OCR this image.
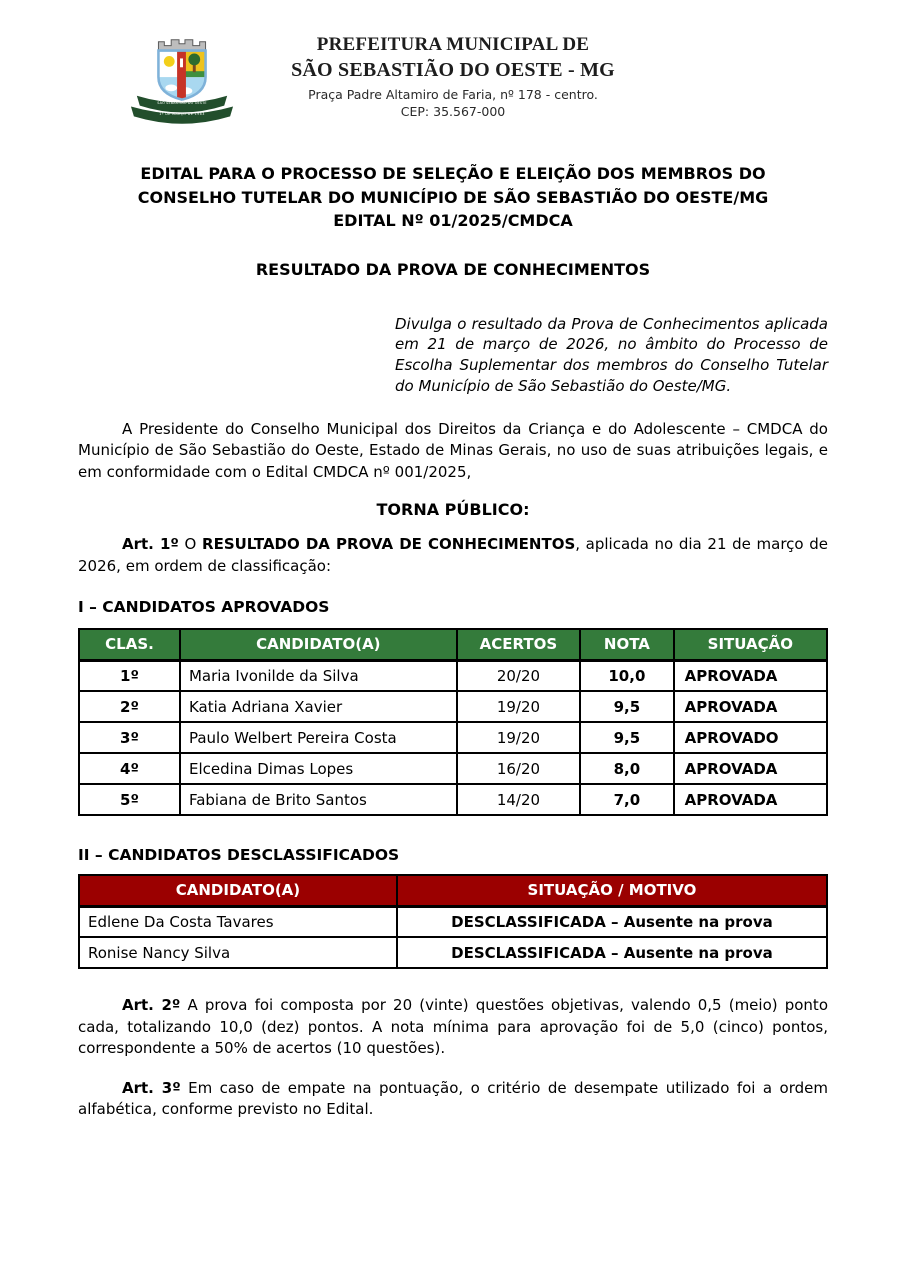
SÃO SEBASTIÃO DO OESTE
1º DE MARÇO DE 1963
PREFEITURA MUNICIPAL DE
SÃO SEBASTIÃO DO OESTE - MG
Praça Padre Altamiro de Faria, nº 178 - centro.
CEP: 35.567-000
EDITAL PARA O PROCESSO DE SELEÇÃO E ELEIÇÃO DOS MEMBROS DO
CONSELHO TUTELAR DO MUNICÍPIO DE SÃO SEBASTIÃO DO OESTE/MG
EDITAL Nº 01/2025/CMDCA
RESULTADO DA PROVA DE CONHECIMENTOS
Divulga o resultado da Prova de Conhecimentos aplicada em 21 de março de 2026, no âmbito do Processo de Escolha Suplementar dos membros do Conselho Tutelar do Município de São Sebastião do Oeste/MG.

A Presidente do Conselho Municipal dos Direitos da Criança e do Adolescente – CMDCA do Município de São Sebastião do Oeste, Estado de Minas Gerais, no uso de suas atribuições legais, e em conformidade com o Edital CMDCA nº 001/2025,

TORNA PÚBLICO:

Art. 1º O RESULTADO DA PROVA DE CONHECIMENTOS, aplicada no dia 21 de março de 2026, em ordem de classificação:

I – CANDIDATOS APROVADOS
CLAS.	CANDIDATO(A)	ACERTOS	NOTA	SITUAÇÃO
1º	Maria Ivonilde da Silva	20/20	10,0	APROVADA
2º	Katia Adriana Xavier	19/20	9,5	APROVADA
3º	Paulo Welbert Pereira Costa	19/20	9,5	APROVADO
4º	Elcedina Dimas Lopes	16/20	8,0	APROVADA
5º	Fabiana de Brito Santos	14/20	7,0	APROVADA
II – CANDIDATOS DESCLASSIFICADOS
CANDIDATO(A)	SITUAÇÃO / MOTIVO
Edlene Da Costa Tavares	DESCLASSIFICADA – Ausente na prova
Ronise Nancy Silva	DESCLASSIFICADA – Ausente na prova

Art. 2º A prova foi composta por 20 (vinte) questões objetivas, valendo 0,5 (meio) ponto cada, totalizando 10,0 (dez) pontos. A nota mínima para aprovação foi de 5,0 (cinco) pontos, correspondente a 50% de acertos (10 questões).

Art. 3º Em caso de empate na pontuação, o critério de desempate utilizado foi a ordem alfabética, conforme previsto no Edital.
